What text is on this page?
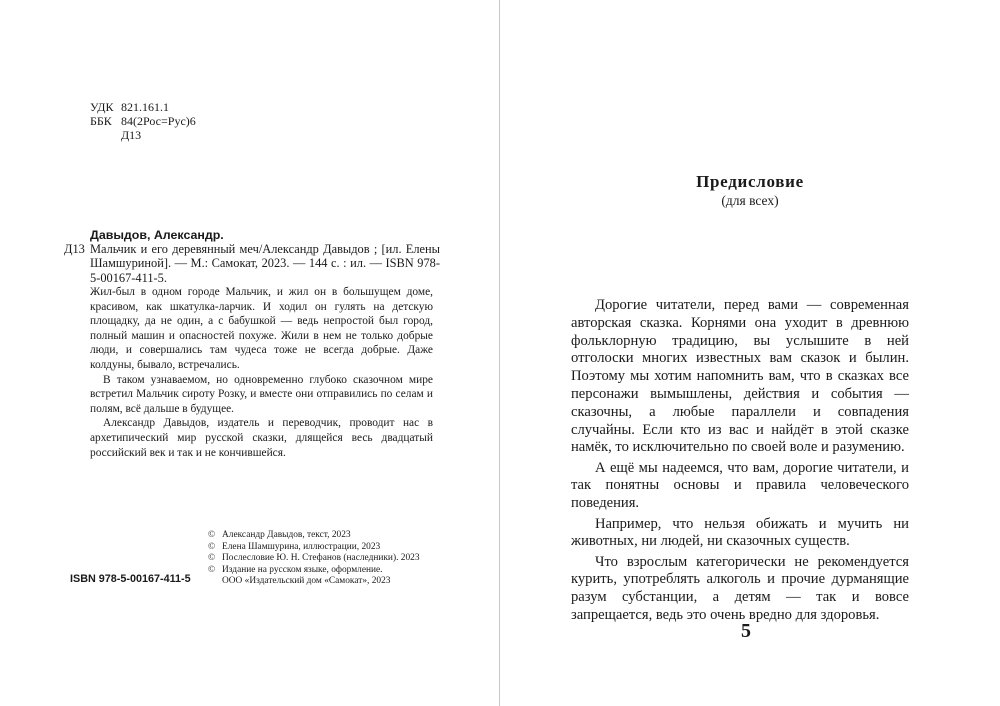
УДК 821.161.1
ББК 84(2Рос=Рус)6
Д13
Давыдов, Александр.
Д13 Мальчик и его деревянный меч/Александр Давыдов ; [ил. Елены Шамшуриной]. — М.: Самокат, 2023. — 144 с. : ил. — ISBN 978-5-00167-411-5.

Жил-был в одном городе Мальчик, и жил он в большущем доме, красивом, как шкатулка-ларчик. И ходил он гулять на детскую площадку, да не один, а с бабушкой — ведь непростой был город, полный машин и опасностей похуже. Жили в нем не только добрые люди, и совершались там чудеса тоже не всегда добрые. Даже колдуны, бывало, встречались.

В таком узнаваемом, но одновременно глубоко сказочном мире встретил Мальчик сироту Розку, и вместе они отправились по селам и полям, всё дальше в будущее.

Александр Давыдов, издатель и переводчик, проводит нас в архетипический мир русской сказки, длящейся весь двадцатый российский век и так и не кончившейся.

ISBN 978-5-00167-411-5
© Александр Давыдов, текст, 2023
© Елена Шамшурина, иллюстрации, 2023
© Послесловие Ю. Н. Стефанов (наследники). 2023
© Издание на русском языке, оформление.
ООО «Издательский дом «Самокат», 2023
Предисловие
(для всех)

Дорогие читатели, перед вами — современная авторская сказка. Корнями она уходит в древнюю фольклорную традицию, вы услышите в ней отголоски многих известных вам сказок и былин. Поэтому мы хотим напомнить вам, что в сказках все персонажи вымышлены, действия и события — сказочны, а любые параллели и совпадения случайны. Если кто из вас и найдёт в этой сказке намёк, то исключительно по своей воле и разумению.

А ещё мы надеемся, что вам, дорогие читатели, и так понятны основы и правила человеческого поведения.

Например, что нельзя обижать и мучить ни животных, ни людей, ни сказочных существ.

Что взрослым категорически не рекомендуется курить, употреблять алкоголь и прочие дурманящие разум субстанции, а детям — так и вовсе запрещается, ведь это очень вредно для здоровья.

5
